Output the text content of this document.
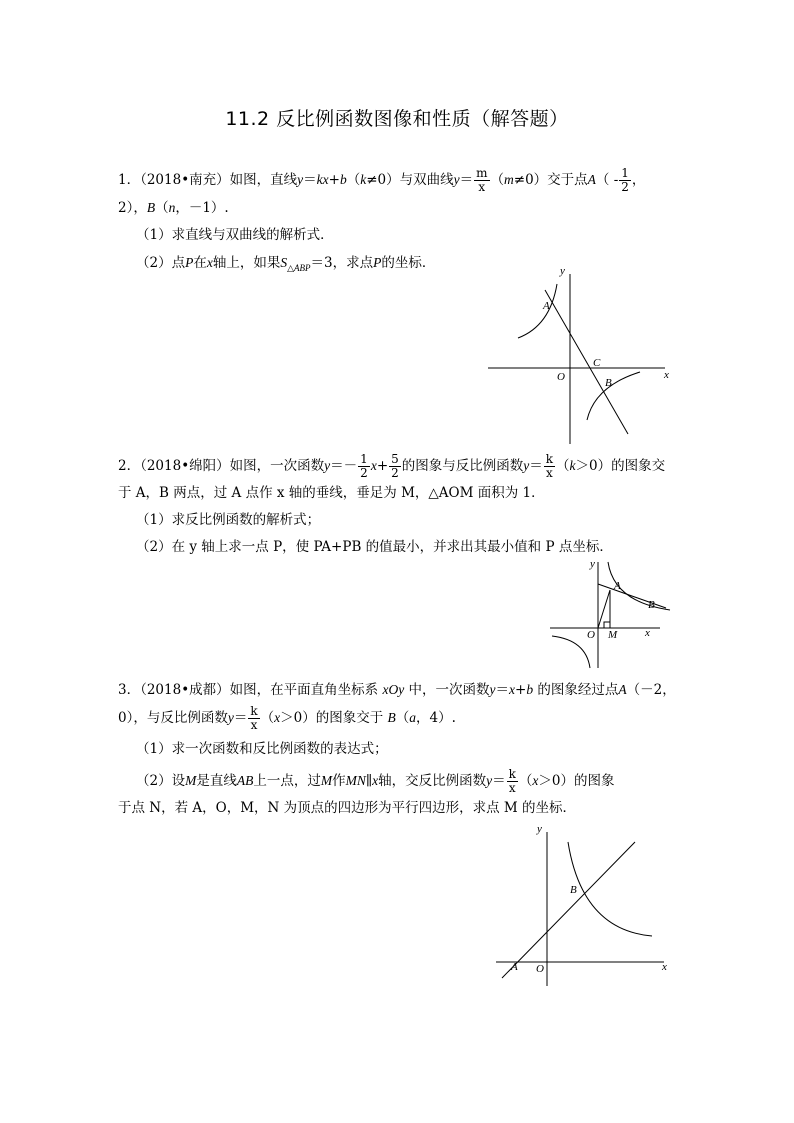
11.2 反比例函数图像和性质（解答题）
1．（2018•南充）如图，直线y＝kx+b（k≠0）与双曲线$y= \frac{m}{x} (m\ne 0)$交于点$A( - \frac{1}{2}$ ，
2），B（n，－1）.
（1）求直线与双曲线的解析式．
（2）点P在x轴上，如果$S_{\triangle ABP}=3$，求点P的坐标．	y
x
O
A
C
B
2．（2018•绵阳）如图，一次函数$y=- \frac{1}{2} x+ \frac{5}{2}$ 的图象与反比例函数$y= \frac{k}{x} (k>0)$的图象交
于 A，B 两点，过 A 点作 x 轴的垂线，垂足为 M，△AOM 面积为 1．
（1）求反比例函数的解析式；
（2）在 y 轴上求一点 P，使 PA+PB 的值最小，并求出其最小值和 P 点坐标．
y
x
O M
A
B
3．（2018•成都）如图，在平面直角坐标系 xOy 中，一次函数y＝x+b 的图象经过点A（－2，
0），与反比例函数$y= \frac{k}{x} (x>0)$的图象交于 B（a，4）.
（1）求一次函数和反比例函数的表达式；
（2）设M是直线AB上一点，过M作MN∥x轴，交反比例函数$y= \frac{k}{x} (x>0)$的图象
于点 N，若 A，O，M，N 为顶点的四边形为平行四边形，求点 M 的坐标．
y
x
O
A
B
